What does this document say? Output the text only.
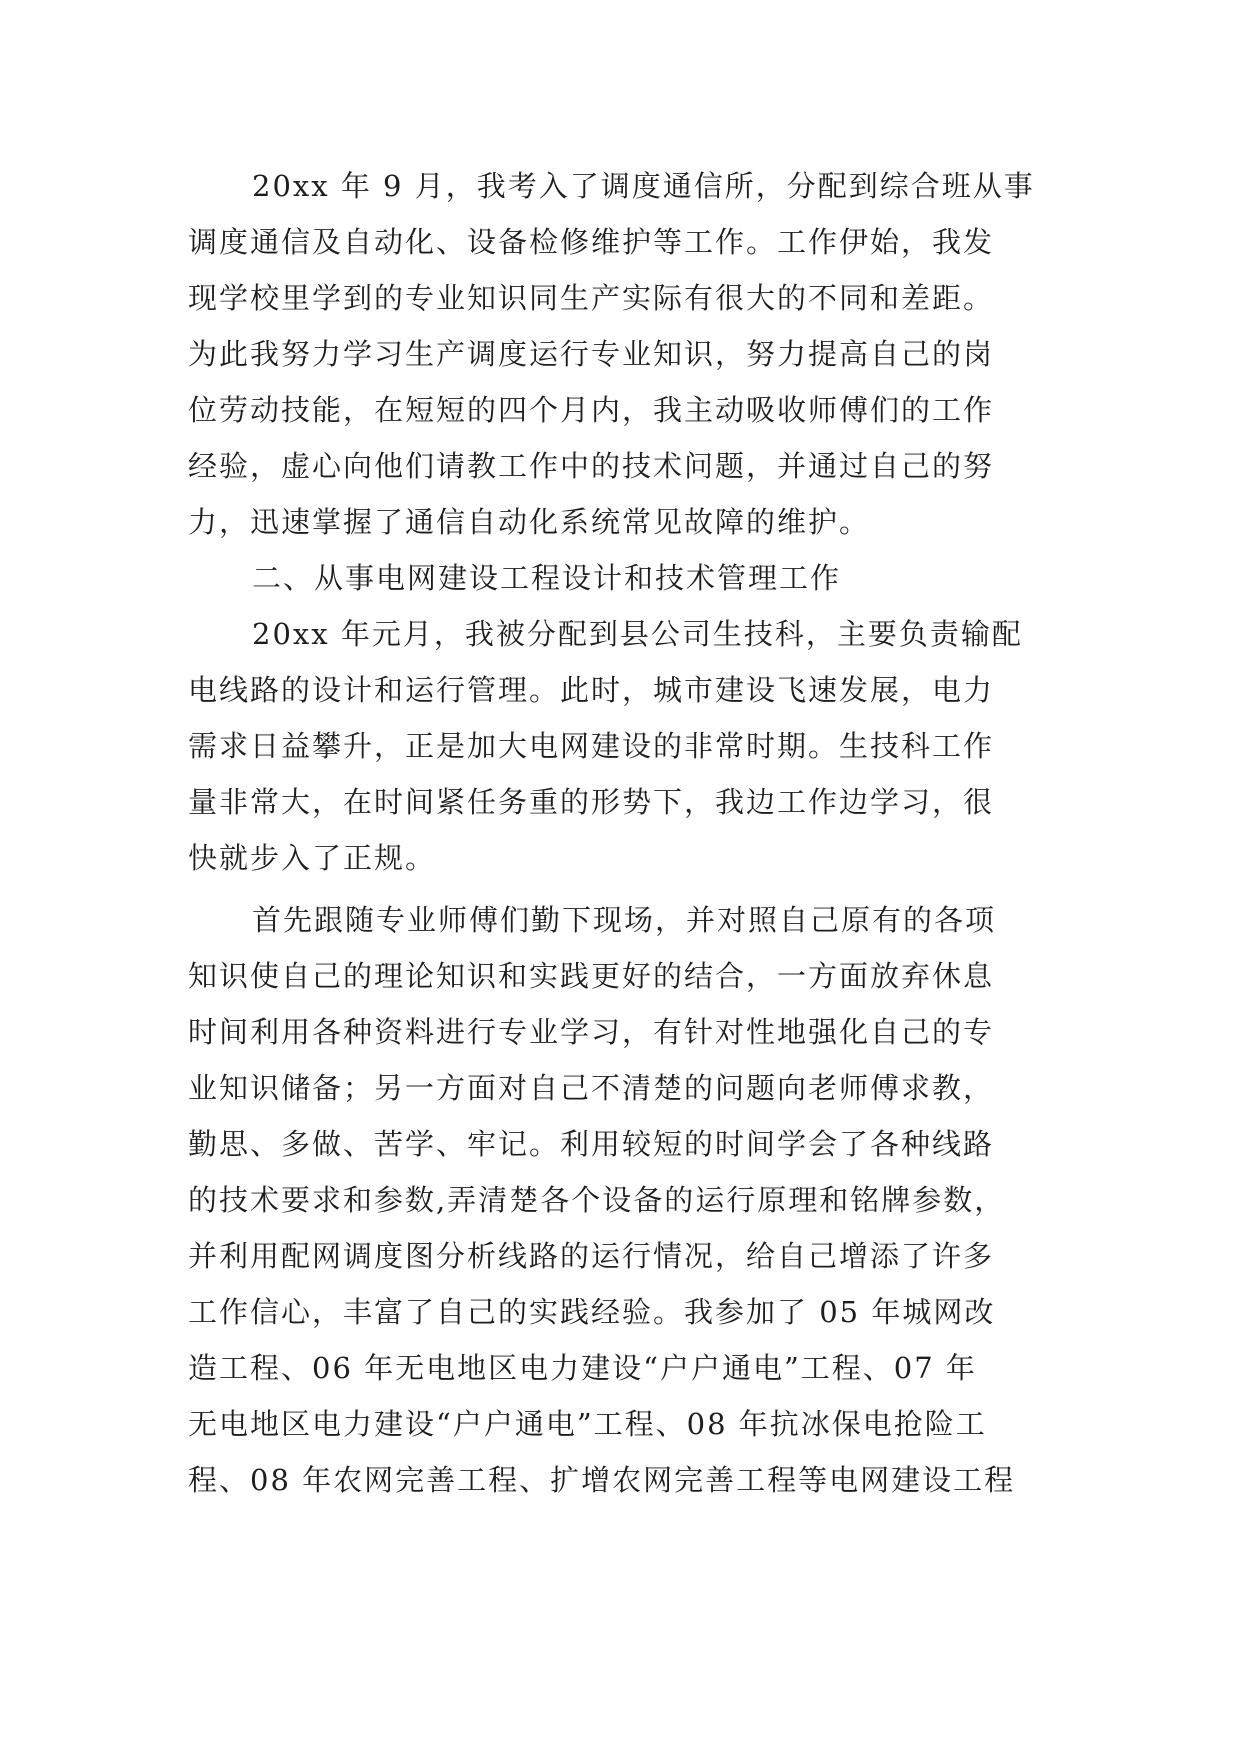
20xx 年 9 月，我考入了调度通信所，分配到综合班从事
调度通信及自动化、设备检修维护等工作。工作伊始，我发
现学校里学到的专业知识同生产实际有很大的不同和差距。
为此我努力学习生产调度运行专业知识，努力提高自己的岗
位劳动技能，在短短的四个月内，我主动吸收师傅们的工作
经验，虚心向他们请教工作中的技术问题，并通过自己的努
力，迅速掌握了通信自动化系统常见故障的维护。
二、从事电网建设工程设计和技术管理工作
20xx 年元月，我被分配到县公司生技科，主要负责输配
电线路的设计和运行管理。此时，城市建设飞速发展，电力
需求日益攀升，正是加大电网建设的非常时期。生技科工作
量非常大，在时间紧任务重的形势下，我边工作边学习，很
快就步入了正规。
首先跟随专业师傅们勤下现场，并对照自己原有的各项
知识使自己的理论知识和实践更好的结合，一方面放弃休息
时间利用各种资料进行专业学习，有针对性地强化自己的专
业知识储备；另一方面对自己不清楚的问题向老师傅求教，
勤思、多做、苦学、牢记。利用较短的时间学会了各种线路
的技术要求和参数,弄清楚各个设备的运行原理和铭牌参数，
并利用配网调度图分析线路的运行情况，给自己增添了许多
工作信心，丰富了自己的实践经验。我参加了 05 年城网改
造工程、06 年无电地区电力建设“户户通电”工程、07 年
无电地区电力建设“户户通电”工程、08 年抗冰保电抢险工
程、08 年农网完善工程、扩增农网完善工程等电网建设工程
